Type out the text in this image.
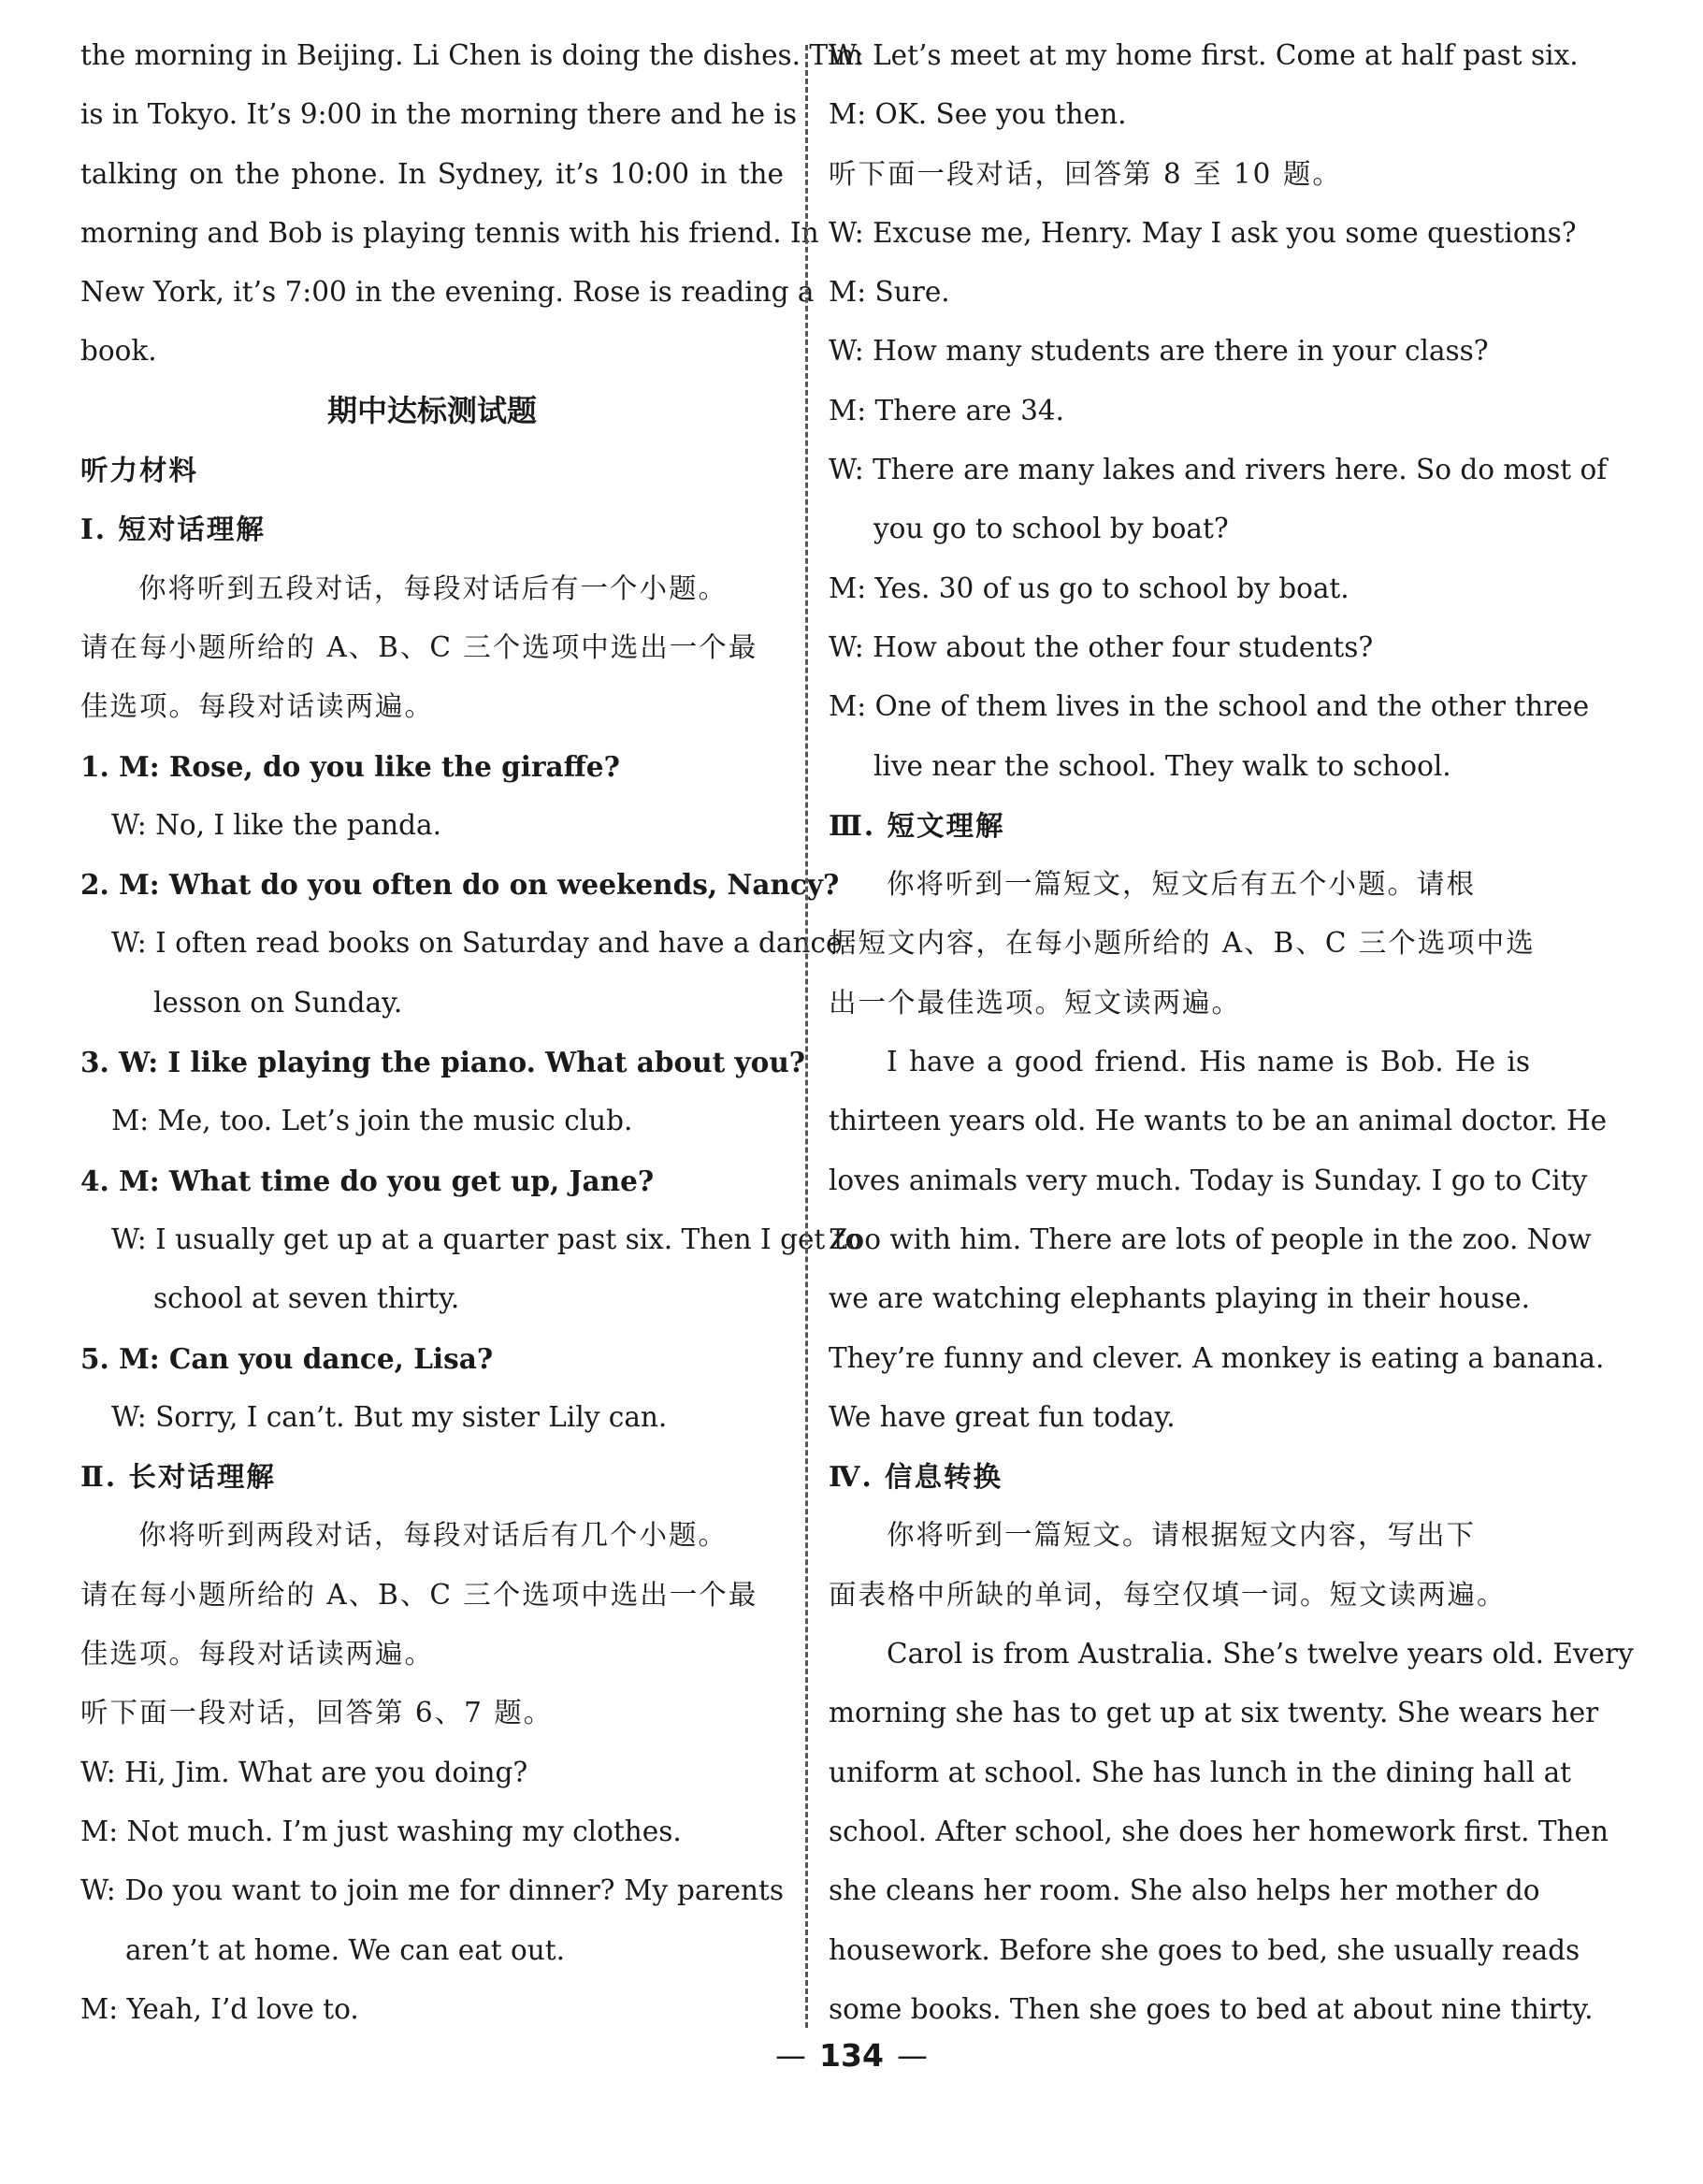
the morning in Beijing. Li Chen is doing the dishes. Tim
is in Tokyo. It’s 9:00 in the morning there and he is
talking on the phone. In Sydney, it’s 10:00 in the
morning and Bob is playing tennis with his friend. In
New York, it’s 7:00 in the evening. Rose is reading a
book.
期中达标测试题
听力材料
Ⅰ. 短对话理解
你将听到五段对话，每段对话后有一个小题。
请在每小题所给的 A、B、C 三个选项中选出一个最
佳选项。每段对话读两遍。
1. M: Rose, do you like the giraffe?
W: No, I like the panda.
2. M: What do you often do on weekends, Nancy?
W: I often read books on Saturday and have a dance
lesson on Sunday.
3. W: I like playing the piano. What about you?
M: Me, too. Let’s join the music club.
4. M: What time do you get up, Jane?
W: I usually get up at a quarter past six. Then I get to
school at seven thirty.
5. M: Can you dance, Lisa?
W: Sorry, I can’t. But my sister Lily can.
Ⅱ. 长对话理解
你将听到两段对话，每段对话后有几个小题。
请在每小题所给的 A、B、C 三个选项中选出一个最
佳选项。每段对话读两遍。
听下面一段对话，回答第 6、7 题。
W: Hi, Jim. What are you doing?
M: Not much. I’m just washing my clothes.
W: Do you want to join me for dinner? My parents
aren’t at home. We can eat out.
M: Yeah, I’d love to.
W: Let’s meet at my home first. Come at half past six.
M: OK. See you then.
听下面一段对话，回答第 8 至 10 题。
W: Excuse me, Henry. May I ask you some questions?
M: Sure.
W: How many students are there in your class?
M: There are 34.
W: There are many lakes and rivers here. So do most of
you go to school by boat?
M: Yes. 30 of us go to school by boat.
W: How about the other four students?
M: One of them lives in the school and the other three
live near the school. They walk to school.
Ⅲ. 短文理解
你将听到一篇短文，短文后有五个小题。请根
据短文内容，在每小题所给的 A、B、C 三个选项中选
出一个最佳选项。短文读两遍。
I have a good friend. His name is Bob. He is
thirteen years old. He wants to be an animal doctor. He
loves animals very much. Today is Sunday. I go to City
Zoo with him. There are lots of people in the zoo. Now
we are watching elephants playing in their house.
They’re funny and clever. A monkey is eating a banana.
We have great fun today.
Ⅳ. 信息转换
你将听到一篇短文。请根据短文内容，写出下
面表格中所缺的单词，每空仅填一词。短文读两遍。
Carol is from Australia. She’s twelve years old. Every
morning she has to get up at six twenty. She wears her
uniform at school. She has lunch in the dining hall at
school. After school, she does her homework first. Then
she cleans her room. She also helps her mother do
housework. Before she goes to bed, she usually reads
some books. Then she goes to bed at about nine thirty.
— 134 —
